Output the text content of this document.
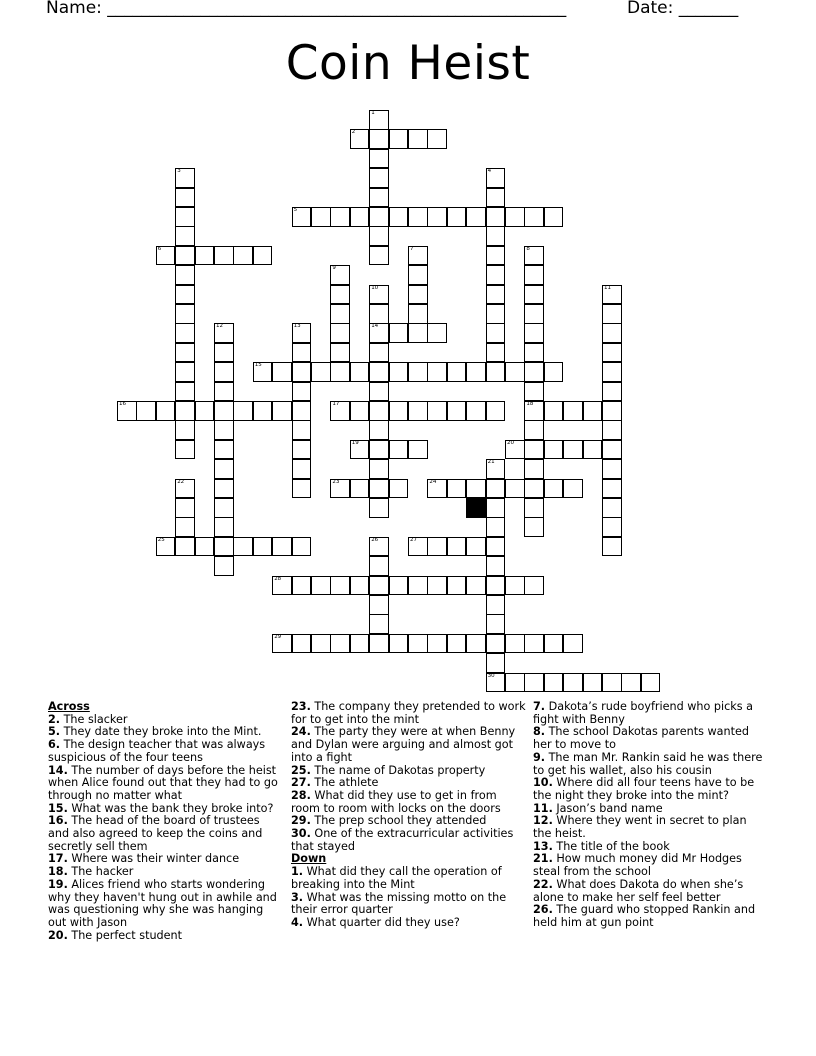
Name: ______________________________________________________	Date: _______
Coin Heist
1
2
3	4
5
6	7	8
9
10	11
12	13	14
15
16	17	18
19	20
21
22	23	24
25	26	27
28
29
30

Across

2. The slacker

5. They date they broke into the Mint.

6. The design teacher that was always suspicious of the four teens

14. The number of days before the heist when Alice found out that they had to go through no matter what

15. What was the bank they broke into?

16. The head of the board of trustees and also agreed to keep the coins and secretly sell them

17. Where was their winter dance

18. The hacker

19. Alices friend who starts wondering why they haven't hung out in awhile and was questioning why she was hanging out with Jason

20. The perfect student

23. The company they pretended to work for to get into the mint

24. The party they were at when Benny and Dylan were arguing and almost got into a fight

25. The name of Dakotas property

27. The athlete

28. What did they use to get in from room to room with locks on the doors

29. The prep school they attended

30. One of the extracurricular activities that stayed

Down

1. What did they call the operation of breaking into the Mint

3. What was the missing motto on the their error quarter

4. What quarter did they use?

7. Dakota’s rude boyfriend who picks a fight with Benny

8. The school Dakotas parents wanted her to move to

9. The man Mr. Rankin said he was there to get his wallet, also his cousin

10. Where did all four teens have to be the night they broke into the mint?

11. Jason’s band name

12. Where they went in secret to plan the heist.

13. The title of the book

21. How much money did Mr Hodges steal from the school

22. What does Dakota do when she’s alone to make her self feel better

26. The guard who stopped Rankin and held him at gun point
